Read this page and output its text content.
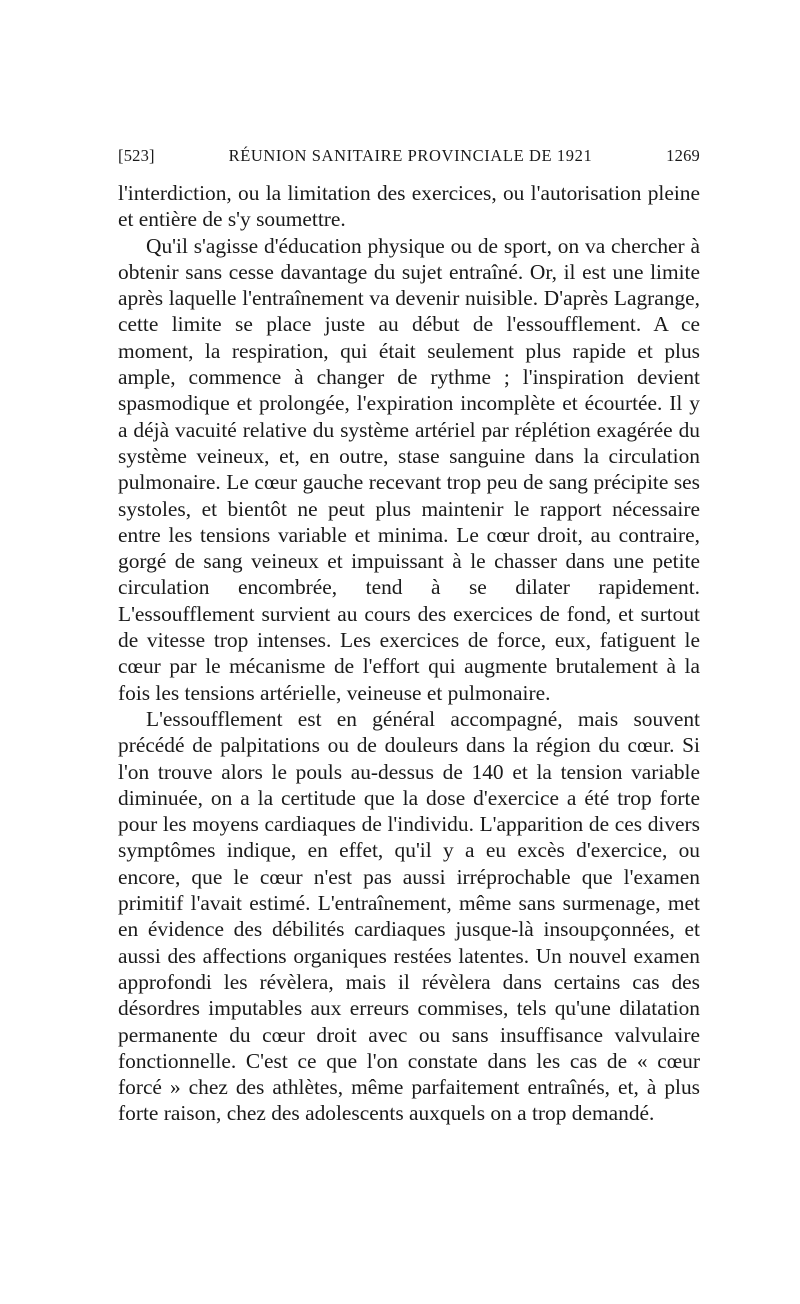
[523]	RÉUNION SANITAIRE PROVINCIALE DE 1921	1269

l'interdiction, ou la limitation des exercices, ou l'autorisation pleine et entière de s'y soumettre.

Qu'il s'agisse d'éducation physique ou de sport, on va chercher à obtenir sans cesse davantage du sujet entraîné. Or, il est une limite après laquelle l'entraînement va devenir nuisible. D'après Lagrange, cette limite se place juste au début de l'essoufflement. A ce moment, la respiration, qui était seulement plus rapide et plus ample, commence à changer de rythme ; l'inspiration devient spasmodique et prolongée, l'expiration incomplète et écourtée. Il y a déjà vacuité relative du système artériel par réplétion exagérée du système veineux, et, en outre, stase sanguine dans la circulation pulmonaire. Le cœur gauche recevant trop peu de sang précipite ses systoles, et bientôt ne peut plus maintenir le rapport nécessaire entre les tensions variable et minima. Le cœur droit, au contraire, gorgé de sang veineux et impuissant à le chasser dans une petite circulation encombrée, tend à se dilater rapidement. L'essoufflement survient au cours des exercices de fond, et surtout de vitesse trop intenses. Les exercices de force, eux, fatiguent le cœur par le mécanisme de l'effort qui augmente brutalement à la fois les tensions artérielle, veineuse et pulmonaire.

L'essoufflement est en général accompagné, mais souvent précédé de palpitations ou de douleurs dans la région du cœur. Si l'on trouve alors le pouls au-dessus de 140 et la tension variable diminuée, on a la certitude que la dose d'exercice a été trop forte pour les moyens cardiaques de l'individu. L'apparition de ces divers symptômes indique, en effet, qu'il y a eu excès d'exercice, ou encore, que le cœur n'est pas aussi irréprochable que l'examen primitif l'avait estimé. L'entraînement, même sans surmenage, met en évidence des débilités cardiaques jusque-là insoupçonnées, et aussi des affections organiques restées latentes. Un nouvel examen approfondi les révèlera, mais il révèlera dans certains cas des désordres imputables aux erreurs commises, tels qu'une dilatation permanente du cœur droit avec ou sans insuffisance valvulaire fonctionnelle. C'est ce que l'on constate dans les cas de « cœur forcé » chez des athlètes, même parfaitement entraînés, et, à plus forte raison, chez des adolescents auxquels on a trop demandé.
